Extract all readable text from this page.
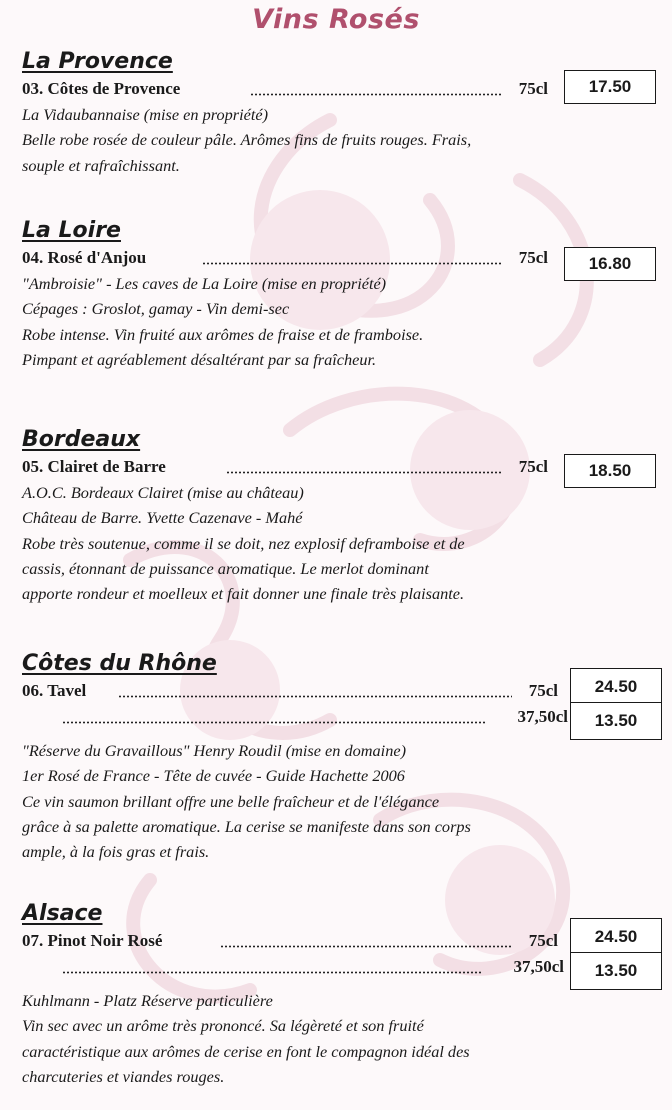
Vins Rosés
La Provence
03. Côtes de Provence	75cl	17.50
La Vidaubannaise (mise en propriété)
Belle robe rosée de couleur pâle. Arômes fins de fruits rouges. Frais,
souple et rafraîchissant.
La Loire
04. Rosé d'Anjou	75cl	16.80
"Ambroisie" - Les caves de La Loire (mise en propriété)
Cépages : Groslot, gamay - Vin demi-sec
Robe intense. Vin fruité aux arômes de fraise et de framboise.
Pimpant et agréablement désaltérant par sa fraîcheur.
Bordeaux
05. Clairet de Barre	75cl	18.50
A.O.C. Bordeaux Clairet (mise au château)
Château de Barre. Yvette Cazenave - Mahé
Robe très soutenue, comme il se doit, nez explosif deframboise et de
cassis, étonnant de puissance aromatique. Le merlot dominant
apporte rondeur et moelleux et fait donner une finale très plaisante.
Côtes du Rhône
06. Tavel	75cl	24.50
37,50cl	13.50
"Réserve du Gravaillous" Henry Roudil (mise en domaine)
1er Rosé de France - Tête de cuvée - Guide Hachette 2006
Ce vin saumon brillant offre une belle fraîcheur et de l'élégance
grâce à sa palette aromatique. La cerise se manifeste dans son corps
ample, à la fois gras et frais.
Alsace
07. Pinot Noir Rosé	75cl	24.50
37,50cl	13.50
Kuhlmann - Platz Réserve particulière
Vin sec avec un arôme très prononcé. Sa légèreté et son fruité
caractéristique aux arômes de cerise en font le compagnon idéal des
charcuteries et viandes rouges.
